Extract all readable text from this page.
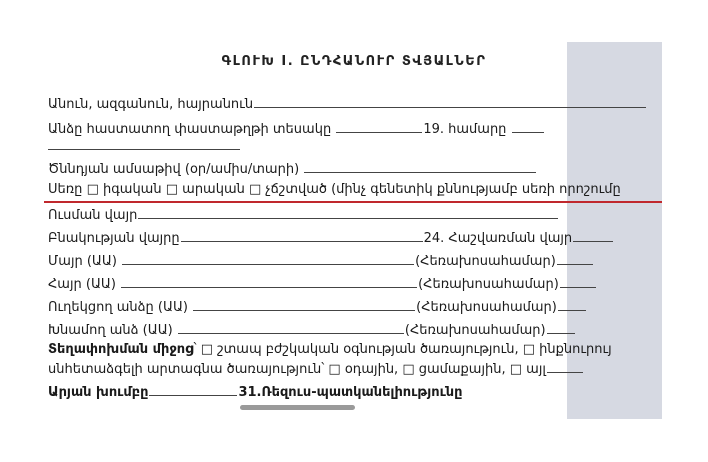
ԳԼՈՒԽ I. ԸՆԴՀԱՆՈՒՐ ՏՎՅԱԼՆԵՐ
Անուն, ազգանուն, հայրանուն
Անձը հաստատող փաստաթղթի տեսակը	19. համարը
Ծննդյան ամսաթիվ (օր/ամիս/տարի)
Սեռը □ իգական □ արական □ չճշտված (մինչ գենետիկ քննությամբ սեռի որոշումը
Ուսման վայր
Բնակության վայրը	24. Հաշվառման վայր
Մայր (ԱԱ)	(Հեռախոսահամար)
Հայր (ԱԱ)	(Հեռախոսահամար)
Ուղեկցող անձը (ԱԱ)	(Հեռախոսահամար)
Խնամող անձ (ԱԱ)	(Հեռախոսահամար)
Տեղափոխման միջոց՝ □ շտապ բժշկական օգնության ծառայություն, □ ինքնուրույ
սնհետաձգելի արտագնա ծառայություն՝ □ օդային, □ ցամաքային, □ այլ
Արյան խումբը	31.Ռեզուս-պատկանելիությունը
